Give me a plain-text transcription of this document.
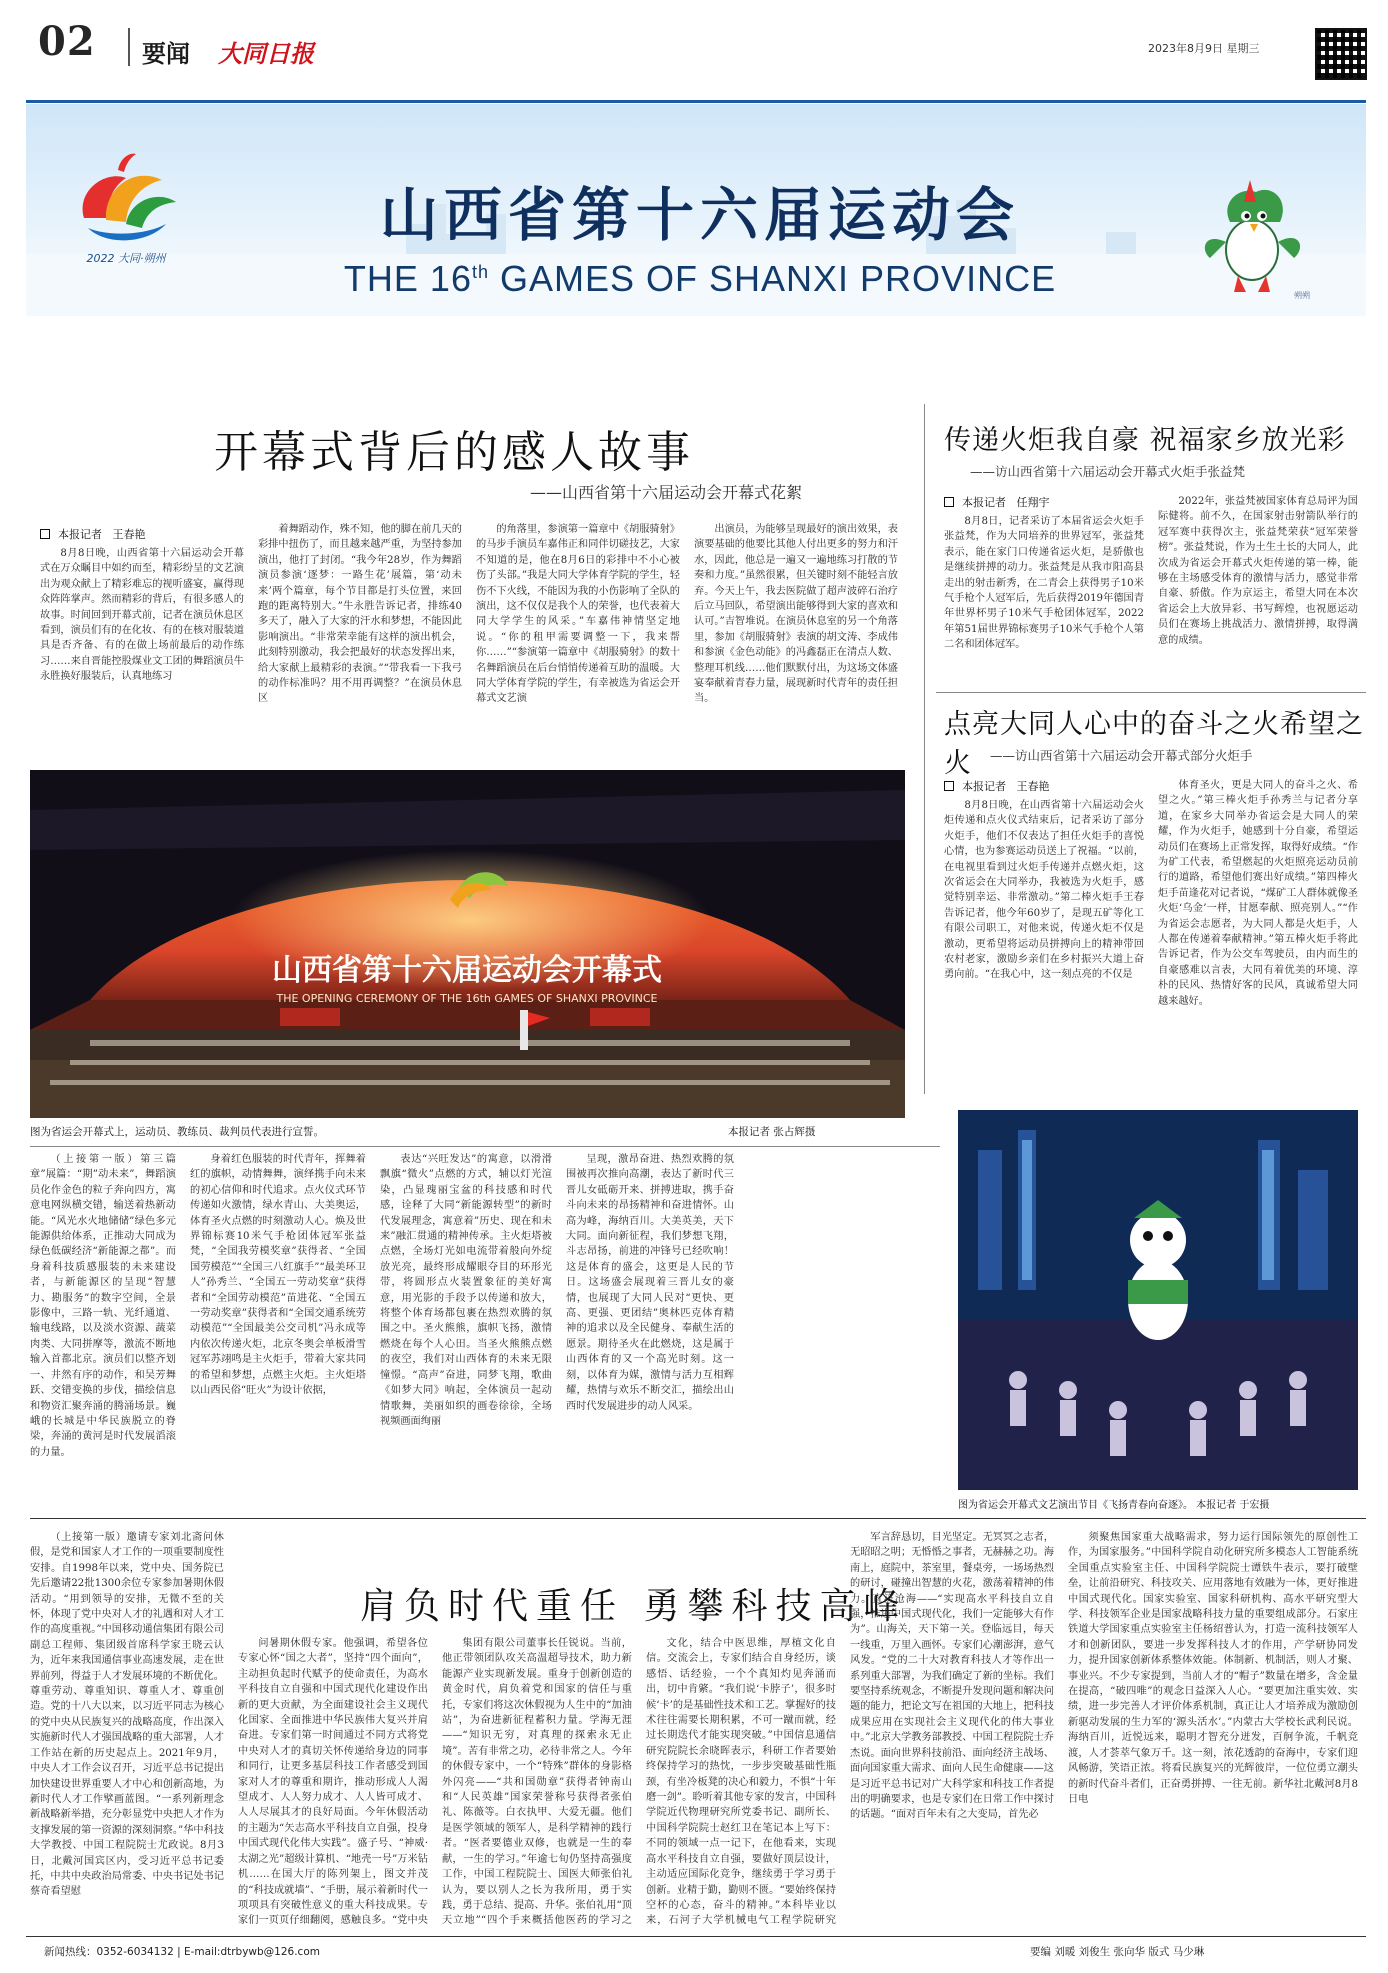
02 要闻 大同日报	2023年8月9日 星期三
2022 大同·朔州
山西省第十六届运动会
THE 16th GAMES OF SHANXI PROVINCE	朔朔
开幕式背后的感人故事
——山西省第十六届运动会开幕式花絮
本报记者 王春艳

8月8日晚，山西省第十六届运动会开幕式在万众瞩目中如约而至，精彩纷呈的文艺演出为观众献上了精彩难忘的视听盛宴，赢得现众阵阵掌声。然而精彩的背后，有很多感人的故事。时间回到开幕式前，记者在演员休息区看到，演员们有的在化妆、有的在核对服装道具是否齐备、有的在做上场前最后的动作练习……来自晋能控股煤业文工团的舞蹈演员牛永胜换好服装后，认真地练习

着舞蹈动作，殊不知，他的脚在前几天的彩排中扭伤了，而且越来越严重，为坚持参加演出，他打了封闭。“我今年28岁，作为舞蹈演员参演‘逐梦：一路生花’展篇，第‘动未来’两个篇章，每个节目都是打头位置，来回跑的距离特别大。”牛永胜告诉记者，排练40多天了，融入了大家的汗水和梦想，不能因此影响演出。“非常荣幸能有这样的演出机会，此刻特别激动，我会把最好的状态发挥出来，给大家献上最精彩的表演。”“带我看一下我弓的动作标准吗？用不用再调整？”在演员休息区

的角落里，参演第一篇章中《胡服骑射》的马步手演员车嘉伟正和同伴切磋技艺，大家不知道的是，他在8月6日的彩排中不小心被伤了头部。”我是大同大学体育学院的学生，轻伤不下火线，不能因为我的小伤影响了全队的演出，这不仅仅是我个人的荣誉，也代表着大同大学学生的风采。”车嘉伟神情坚定地说。“你的租甲需要调整一下，我来帮你……”“参演第一篇章中《胡服骑射》的数十名舞蹈演员在后台悄悄传递着互助的温暖。大同大学体育学院的学生，有幸被选为省运会开幕式文艺演

出演员，为能够呈现最好的演出效果，表演要基础的他要比其他人付出更多的努力和汗水，因此，他总是一遍又一遍地练习打散的节奏和力度。”虽然很累，但关键时刻不能轻言放弃。今天上午，我去医院做了超声波碎石治疗后立马回队，希望演出能够得到大家的喜欢和认可。”吉智堆说。在演员休息室的另一个角落里，参加《胡服骑射》表演的胡文涛、李成伟和参演《金色动能》的冯鑫磊正在清点人数、整理耳机线……他们默默付出，为这场文体盛宴奉献着青春力量，展现新时代青年的责任担当。

传递火炬我自豪 祝福家乡放光彩
——访山西省第十六届运动会开幕式火炬手张益梵
本报记者 任翔宇

8月8日，记者采访了本届省运会火炬手张益梵，作为大同培养的世界冠军，张益梵表示，能在家门口传递省运火炬，是骄傲也是继续拼搏的动力。张益梵是从我市阳高县走出的射击新秀，在二青会上获得男子10米气手枪个人冠军后，先后获得2019年德国青年世界杯男子10米气手枪团体冠军，2022年第51届世界锦标赛男子10米气手枪个人第二名和团体冠军。

2022年，张益梵被国家体育总局评为国际健将。前不久，在国家射击射箭队举行的冠军赛中获得次主，张益梵荣获“冠军荣誉榜”。张益梵说，作为土生土长的大同人，此次成为省运会开幕式火炬传递的第一棒，能够在主场感受体育的激情与活力，感觉非常自豪、骄傲。作为京运主，希望大同在本次省运会上大放异彩、书写辉煌，也祝愿运动员们在赛场上挑战活力、激情拼搏，取得满意的成绩。

点亮大同人心中的奋斗之火希望之火	——访山西省第十六届运动会开幕式部分火炬手
本报记者 王春艳

8月8日晚，在山西省第十六届运动会火炬传递和点火仪式结束后，记者采访了部分火炬手，他们不仅表达了担任火炬手的喜悦心情，也为参赛运动员送上了祝福。“以前，在电视里看到过火炬手传递并点燃火炬，这次省运会在大同举办，我被选为火炬手，感觉特别幸运、非常激动。”第二棒火炬手王春告诉记者，他今年60岁了，是现五矿等化工有限公司职工，对他来说，传递火炬不仅是激动，更希望将运动员拼搏向上的精神带回农村老家，激励乡亲们在乡村振兴大道上奋勇向前。“在我心中，这一刻点亮的不仅是

体育圣火，更是大同人的奋斗之火、希望之火。”第三棒火炬手孙秀兰与记者分享道，在家乡大同举办省运会是大同人的荣耀，作为火炬手，她感到十分自豪，希望运动员们在赛场上正常发挥，取得好成绩。“作为矿工代表，希望燃起的火炬照亮运动员前行的道路，希望他们赛出好成绩。”第四棒火炬手苗逢花对记者说，“煤矿工人群体就像圣火炬‘乌金’一样，甘愿奉献、照亮别人。”“作为省运会志愿者，为大同人都是火炬手，人人都在传递着奉献精神。”第五棒火炬手将此告诉记者，作为公交车驾驶员，由内而生的自豪感难以言表，大同有着优美的环境、淳朴的民风、热情好客的民风，真诚希望大同越来越好。

山西省第十六届运动会开幕式
THE OPENING CEREMONY OF THE 16th GAMES OF SHANXI PROVINCE
图为省运会开幕式上，运动员、教练员、裁判员代表进行宣誓。	本报记者 张占辉摄

（上接第一版）第三篇章”展篇：“期”动未来”，舞蹈演员化作金色的粒子奔向四方，寓意电网纵横交错，输送着热新动能。“风光水火地储储”绿色多元能源供给体系，正推动大同成为绿色低碳经济“新能源之都”。而身着科技质感服装的未来建设者，与新能源区的呈现“智慧力、勘服务”的数字空间，全景影像中，三路一轨、光纤通道、输电线路，以及淡水资源、蔬菜肉类、大同拼摩等，激流不断地输入首都北京。演员们以整齐划一、井然有序的动作，和吴芳舞跃、交错变换的步伐，描绘信息和物资汇聚奔涌的腾涌场景。巍峨的长城是中华民族脱立的脊梁，奔涌的黄河是时代发展滔滚的力量。

身着红色服装的时代青年，挥舞着红的旗帜，动情舞舞，演绎携手向未来的初心信仰和时代追求。点火仪式环节传递如火激情，绿水青山、大美奥运，体育圣火点燃的时刻激动人心。焕及世界锦标赛10米气手枪团体冠军张益梵，“全国我劳模奖章”获得者、“全国国劳模范”“全国三八红旗手”“最美环卫人”孙秀兰、“全国五一劳动奖章”获得者和“全国劳动模范”苗进花、“全国五一劳动奖章”获得者和“全国交通系统劳动模范”“全国最美公交司机”冯永成等内依次传递火炬，北京冬奥会单板滑雪冠军苏翊鸣是主火炬手，带着大家共同的希望和梦想，点燃主火炬。主火炬塔以山西民俗“旺火”为设计依据，

表达“兴旺发达”的寓意，以滑滑飘旗“微火”点燃的方式，辅以灯光渲染，凸显瑰丽宝盆的科技感和时代感，诠释了大同“新能源转型”的新时代发展理念，寓意着”历史、现在和未来”融汇贯通的精神传承。主火炬塔被点燃，全场灯光如电流带着般向外绽放光亮，最终形成耀眼夺目的环形光带，将圆形点火装置象征的美好寓意，用光影的手段予以传递和放大，将整个体育场都包裹在热烈欢腾的氛围之中。圣火熊熊，旗帜飞扬，激情燃烧在每个人心田。当圣火熊熊点燃的夜空，我们对山西体育的未来无限憧憬。“高声”奋进，同梦飞翔，歌曲《如梦大同》响起，全体演员一起动情歌舞，美丽如织的画卷徐徐，全场视频画面绚丽

呈现，激昂奋进、热烈欢腾的氛围被再次推向高潮，表达了新时代三晋儿女砥砺开来、拼搏进取，携手奋斗向未来的昂扬精神和奋进情怀。山高为峰，海纳百川。大美英美，天下大同。面向新征程，我们梦想飞翔，斗志昂扬，前进的冲锋号已经吹响！这是体育的盛会，这更是人民的节日。这场盛会展现着三晋儿女的豪情，也展现了大同人民对“更快、更高、更强、更团结”奥林匹克体育精神的追求以及全民健身、奉献生活的愿景。期待圣火在此燃烧，这是属于山西体育的又一个高光时刻。这一刻，以体育为媒，激情与活力互相辉耀，热情与欢乐不断交汇，描绘出山西时代发展进步的动人风采。

图为省运会开幕式文艺演出节目《飞扬青春向奋逐》。 本报记者 于宏摄
肩负时代重任 勇攀科技高峰

（上接第一版）邀请专家刘北斋问休假，是党和国家人才工作的一项重要制度性安排。自1998年以来，党中央、国务院已先后邀请22批1300余位专家参加暑期休假活动。“用到领导的安排，无微不至的关怀，体现了党中央对人才的礼遇和对人才工作的高度重视。”中国移动通信集团有限公司副总工程师、集团级首席科学家王晓云认为，近年来我国通信事业高速发展，走在世界前列，得益于人才发展环境的不断优化。尊重劳动、尊重知识、尊重人才、尊重创造。党的十八大以来，以习近平同志为核心的党中央从民族复兴的战略高度，作出深入实施新时代人才强国战略的重大部署，人才工作站在新的历史起点上。2021年9月，中央人才工作会议召开，习近平总书记提出加快建设世界重要人才中心和创新高地，为新时代人才工作擘画蓝图。“一系列新理念新战略新举措，充分彰显党中央把人才作为支撑发展的第一资源的深刻洞察。”华中科技大学教授、中国工程院院士尤政说。8月3日，北戴河国宾区内，受习近平总书记委托，中共中央政治局常委、中央书记处书记蔡奇看望慰

问暑期休假专家。他强调，希望各位专家心怀“国之大者”，坚持“四个面向”，主动担负起时代赋予的使命责任，为高水平科技自立自强和中国式现代化建设作出新的更大贡献，为全面建设社会主义现代化国家、全面推进中华民族伟大复兴并肩奋进。专家们第一时间通过不同方式将党中央对人才的真切关怀传递给身边的同事和同行，让更多基层科技工作者感受到国家对人才的尊重和期许，推动形成人人渴望成才、人人努力成才、人人皆可成才、人人尽展其才的良好局面。今年休假活动的主题为“矢志高水平科技自立自强，投身中国式现代化伟大实践”。盛子号、“神威·太湖之光”超级计算机、“地壳一号”万米钻机……在国大厅的陈列架上，图文并茂的“科技成就墙”、“手册，展示着新时代一项项具有突破性意义的重大科技成果。专家们一页页仔细翻阅，感触良多。“党中央

集团有限公司董事长任锐说。当前，他正带领团队攻关高温超导技术，助力新能源产业实现新发展。重身于创新创造的黄金时代，肩负着党和国家的信任与重托，专家们将这次休假视为人生中的“加油站”，为奋进新征程蓄积力量。学海无涯——“知识无穷，对真理的探索永无止境”。苦有非常之功，必待非常之人。今年的休假专家中，一个“特殊”群体的身影格外闪亮——“共和国勋章”获得者钟南山和“人民英雄”国家荣誉称号获得者张伯礼、陈薇等。白衣执甲、大爱无疆。他们是医学领域的领军人，是科学精神的践行者。“医者要德业双修，也就是一生的奉献，一生的学习。”年逾七旬仍坚持高强度工作，中国工程院院士、国医大师张伯礼认为，要以别人之长为我所用，勇于实践，勇于总结、提高、升华。张伯礼用“顶天立地”“四个手来概括他医药的学习之

文化，结合中医思维，厚植文化自信。交流会上，专家们结合自身经历，谈感悟、话经验，一个个真知灼见奔涌而出，切中肯綮。“我们说‘卡脖子’，很多时候‘卡’的是基础性技术和工艺。掌握好的技术往往需要长期积累，不可一蹴而就，经过长期迭代才能实现突破。”中国信息通信研究院院长余晓晖表示，科研工作者要始终保持学习的热忱，一步步突破基础性瓶颈，有坐冷板凳的决心和毅力，不惧“十年磨一剑”。聆听着其他专家的发言，中国科学院近代物理研究所党委书记、副所长、中国科学院院士赵红卫在笔记本上写下：不同的领域一点一记下，在他看来，实现高水平科技自立自强，要做好顶层设计，主动适应国际化竞争，继续勇于学习勇于创新。业精于勤，勤则不匮。“要始终保持空杯的心态，奋斗的精神。”本科毕业以来，石河子大学机械电气工程学院研究

军言辞恳切，目光坚定。无冥冥之志者，无昭昭之明；无惛惛之事者，无赫赫之功。海南上，庭院中，茶室里，餐桌旁，一场场热烈的研讨，碰撞出智慧的火花，激荡着精神的伟力。直济沧海——“实现高水平科技自立自强，推进中国式现代化，我们一定能够大有作为”。山海关，天下第一关。登临远目，每天一线重，万里入画怀。专家们心潮澎湃，意气风发。“党的二十大对教育科技人才等作出一系列重大部署，为我们确定了新的坐标。我们要坚持系统观念，不断提升发现问题和解决问题的能力，把论文写在祖国的大地上，把科技成果应用在实现社会主义现代化的伟大事业中。”北京大学教务部教授、中国工程院院士乔杰说。面向世界科技前沿、面向经济主战场、面向国家重大需求、面向人民生命健康——这是习近平总书记对广大科学家和科技工作者提出的明确要求，也是专家们在日常工作中探讨的话题。“面对百年未有之大变局，首先必

须聚焦国家重大战略需求，努力运行国际领先的原创性工作，为国家服务。”中国科学院自动化研究所多模态人工智能系统全国重点实验室主任、中国科学院院士谭铁牛表示，要打破壁垒，让前沿研究、科技攻关、应用落地有效融为一体，更好推进中国式现代化。国家实验室、国家科研机构、高水平研究型大学、科技领军企业是国家战略科技力量的重要组成部分。石家庄铁道大学国家重点实验室主任杨绍普认为，打造一流科技领军人才和创新团队，要进一步发挥科技人才的作用，产学研协同发力，提升国家创新体系整体效能。体制新、机制活，则人才聚、事业兴。不少专家提到，当前人才的“帽子”数量在增多，含金量在提高，“破四唯”的观念日益深入人心。“要更加注重实效、实绩，进一步完善人才评价体系机制，真正让人才培养成为激励创新驱动发展的生力军的‘源头活水’。”内蒙古大学校长武利民说。海纳百川，近悦远来，聪明才智充分迸发，百舸争流，千帆竞渡，人才荟萃气象万千。这一刻，浓花透韵的奋海中，专家们迎风畅游，笑语正浓。将看民族复兴的光辉彼岸，一位位勇立潮头的新时代奋斗者们，正奋勇拼搏、一往无前。新华社北戴河8月8日电

新闻热线：0352-6034132 | E-mail:dtrbywb@126.com	要编 刘暖 刘俊生 张向华 版式 马少琳
